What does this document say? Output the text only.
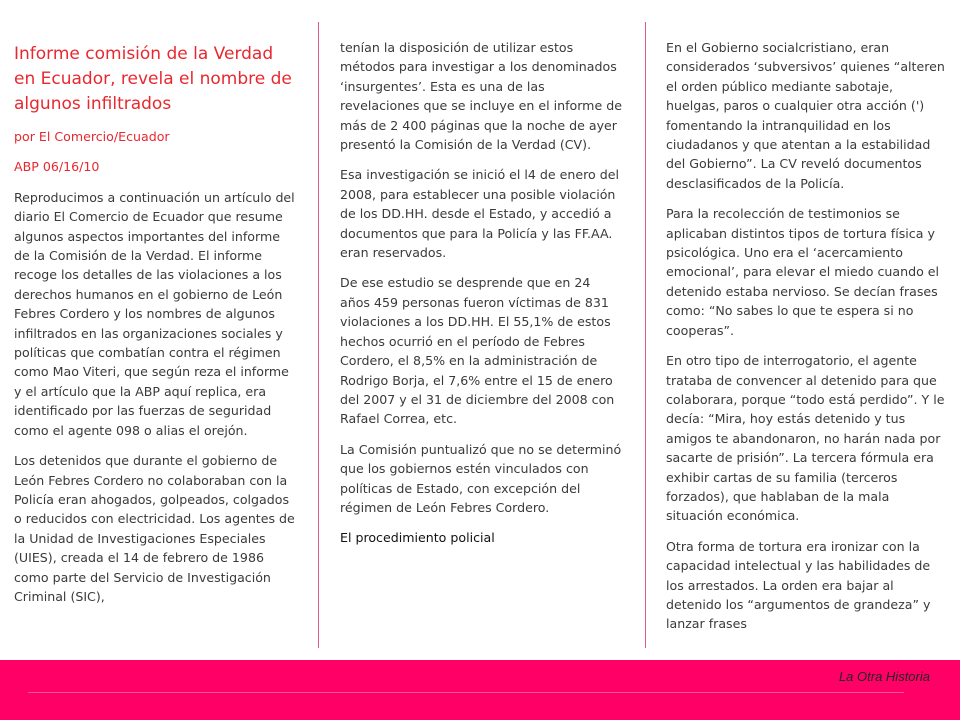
Informe comisión de la Verdad en Ecuador, revela el nombre de algunos infiltrados

por El Comercio/Ecuador

ABP 06/16/10

Reproducimos a continuación un artículo del diario El Comercio de Ecuador que resume algunos aspectos importantes del informe de la Comisión de la Verdad. El informe recoge los detalles de las violaciones a los derechos humanos en el gobierno de León Febres Cordero y los nombres de algunos infiltrados en las organizaciones sociales y políticas que combatían contra el régimen como Mao Viteri, que según reza el informe y el artículo que la ABP aquí replica, era identificado por las fuerzas de seguridad como el agente 098 o alias el orejón.

Los detenidos que durante el gobierno de León Febres Cordero no colaboraban con la Policía eran ahogados, golpeados, colgados o reducidos con electricidad. Los agentes de la Unidad de Investigaciones Especiales (UIES), creada el 14 de febrero de 1986 como parte del Servicio de Investigación Criminal (SIC),

tenían la disposición de utilizar estos métodos para investigar a los denominados ‘insurgentes’. Esta es una de las revelaciones que se incluye en el informe de más de 2 400 páginas que la noche de ayer presentó la Comisión de la Verdad (CV).

Esa investigación se inició el l4 de enero del 2008, para establecer una posible violación de los DD.HH. desde el Estado, y accedió a documentos que para la Policía y las FF.AA. eran reservados.

De ese estudio se desprende que en 24 años 459 personas fueron víctimas de 831 violaciones a los DD.HH. El 55,1% de estos hechos ocurrió en el período de Febres Cordero, el 8,5% en la administración de Rodrigo Borja, el 7,6% entre el 15 de enero del 2007 y el 31 de diciembre del 2008 con Rafael Correa, etc.

La Comisión puntualizó que no se determinó que los gobiernos estén vinculados con políticas de Estado, con excepción del régimen de León Febres Cordero.

El procedimiento policial

En el Gobierno socialcristiano, eran considerados ‘subversivos’ quienes “alteren el orden público mediante sabotaje, huelgas, paros o cualquier otra acción (') fomentando la intranquilidad en los ciudadanos y que atentan a la estabilidad del Gobierno”. La CV reveló documentos desclasificados de la Policía.

Para la recolección de testimonios se aplicaban distintos tipos de tortura física y psicológica. Uno era el ‘acercamiento emocional’, para elevar el miedo cuando el detenido estaba nervioso. Se decían frases como: “No sabes lo que te espera si no cooperas”.

En otro tipo de interrogatorio, el agente trataba de convencer al detenido para que colaborara, porque “todo está perdido”. Y le decía: “Mira, hoy estás detenido y tus amigos te abandonaron, no harán nada por sacarte de prisión”. La tercera fórmula era exhibir cartas de su familia (terceros forzados), que hablaban de la mala situación económica.

Otra forma de tortura era ironizar con la capacidad intelectual y las habilidades de los arrestados. La orden era bajar al detenido los “argumentos de grandeza” y lanzar frases

La Otra Historia
